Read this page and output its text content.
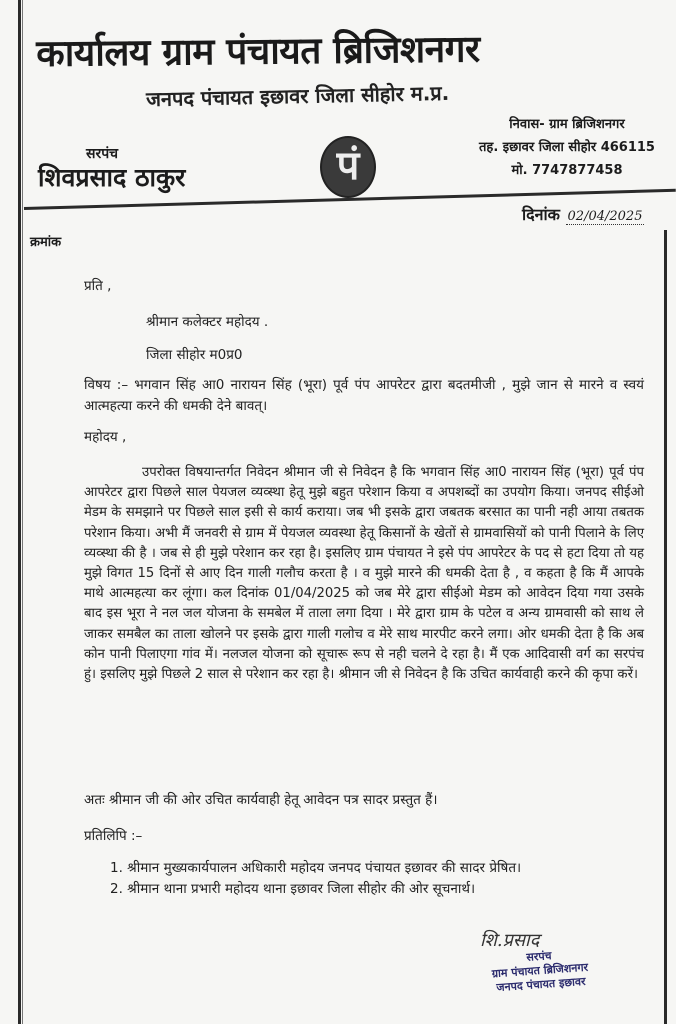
कार्यालय ग्राम पंचायत ब्रिजिशनगर
जनपद पंचायत इछावर जिला सीहोर म.प्र.
सरपंच
शिवप्रसाद ठाकुर	पं
निवास- ग्राम ब्रिजिशनगर
तह. इछावर जिला सीहोर 466115
मो. 7747877458
दिनांक 02/04/2025
क्रमांक
प्रति ,
श्रीमान कलेक्टर महोदय .
जिला सीहोर म0प्र0
विषय :– भगवान सिंह आ0 नारायन सिंह (भूरा) पूर्व पंप आपरेटर द्वारा बदतमीजी , मुझे जान से मारने व स्वयं आत्महत्या करने की धमकी देने बावत्।
महोदय ,
उपरोक्त विषयान्तर्गत निवेदन श्रीमान जी से निवेदन है कि भगवान सिंह आ0 नारायन सिंह (भूरा) पूर्व पंप आपरेटर द्वारा पिछले साल पेयजल व्यव्स्था हेतू मुझे बहुत परेशान किया व अपशब्दों का उपयोग किया। जनपद सीईओ मेडम के समझाने पर पिछले साल इसी से कार्य कराया। जब भी इसके द्वारा जबतक बरसात का पानी नही आया तबतक परेशान किया। अभी मैं जनवरी से ग्राम में पेयजल व्यवस्था हेतू किसानों के खेतों से ग्रामवासियों को पानी पिलाने के लिए व्यव्स्था की है । जब से ही मुझे परेशान कर रहा है। इसलिए ग्राम पंचायत ने इसे पंप आपरेटर के पद से हटा दिया तो यह मुझे विगत 15 दिनों से आए दिन गाली गलौच करता है । व मुझे मारने की धमकी देता है , व कहता है कि मैं आपके माथे आत्महत्या कर लूंगा। कल दिनांक 01/04/2025 को जब मेरे द्वारा सीईओ मेडम को आवेदन दिया गया उसके बाद इस भूरा ने नल जल योजना के समबेल में ताला लगा दिया । मेरे द्वारा ग्राम के पटेल व अन्य ग्रामवासी को साथ ले जाकर समबैल का ताला खोलने पर इसके द्वारा गाली गलोच व मेरे साथ मारपीट करने लगा। ओर धमकी देता है कि अब कोन पानी पिलाएगा गांव में। नलजल योजना को सूचारू रूप से नही चलने दे रहा है। मैं एक आदिवासी वर्ग का सरपंच हुं। इसलिए मुझे पिछले 2 साल से परेशान कर रहा है। श्रीमान जी से निवेदन है कि उचित कार्यवाही करने की कृपा करें।
अतः श्रीमान जी की ओर उचित कार्यवाही हेतू आवेदन पत्र सादर प्रस्तुत हैं।
प्रतिलिपि :–
1. श्रीमान मुख्यकार्यपालन अधिकारी महोदय जनपद पंचायत इछावर की सादर प्रेषित।
2. श्रीमान थाना प्रभारी महोदय थाना इछावर जिला सीहोर की ओर सूचनार्थ।
शि.प्रसाद
सरपंच
ग्राम पंचायत ब्रिजिशनगर
जनपद पंचायत इछावर
